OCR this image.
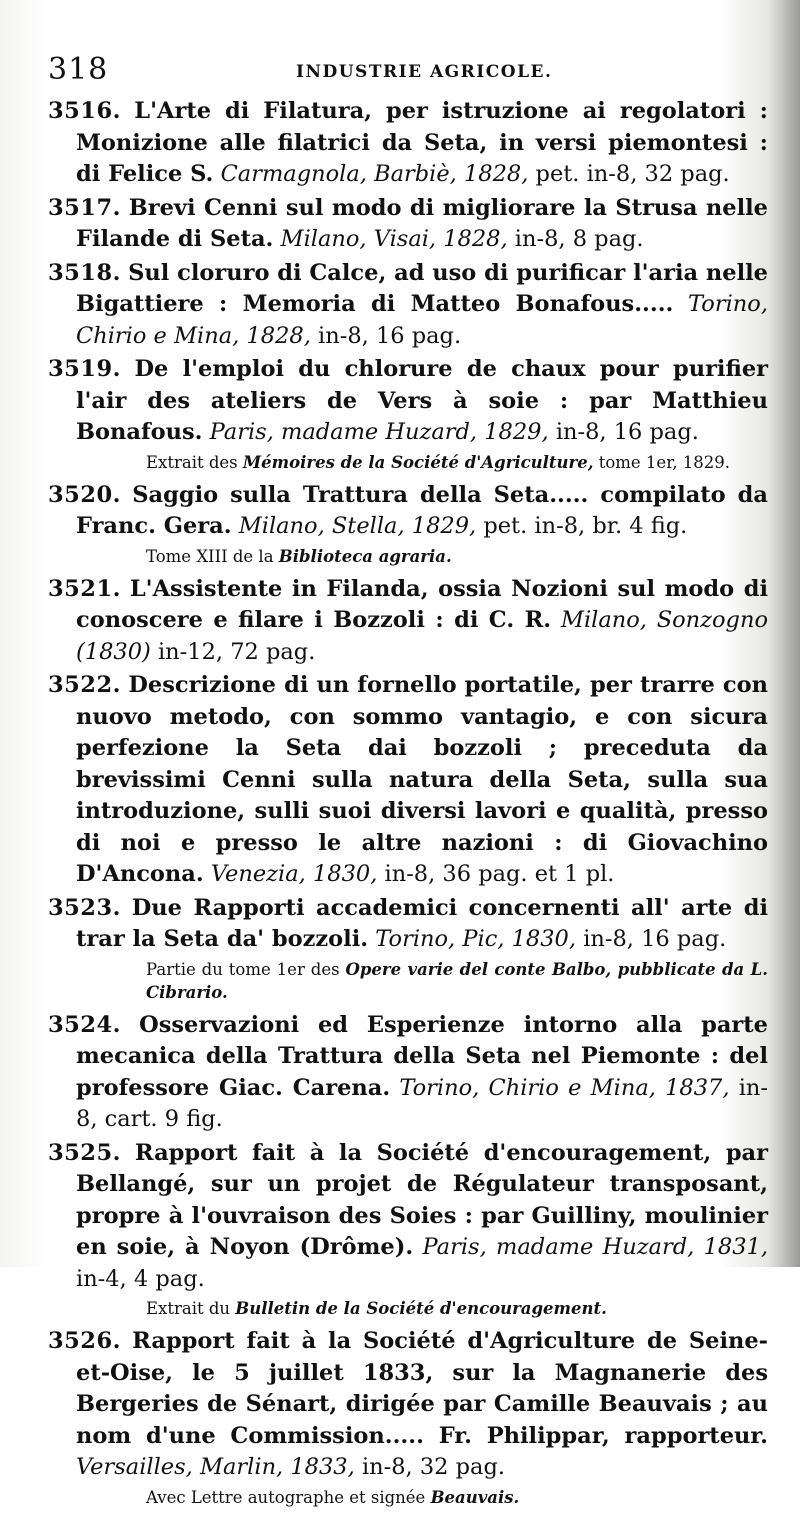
318	INDUSTRIE AGRICOLE.

3516. L'Arte di Filatura, per istruzione ai regolatori : Monizione alle filatrici da Seta, in versi piemontesi : di Felice S. Carmagnola, Barbiè, 1828, pet. in-8, 32 pag.

3517. Brevi Cenni sul modo di migliorare la Strusa nelle Filande di Seta. Milano, Visai, 1828, in-8, 8 pag.

3518. Sul cloruro di Calce, ad uso di purificar l'aria nelle Bigattiere : Memoria di Matteo Bonafous..... Torino, Chirio e Mina, 1828, in-8, 16 pag.

3519. De l'emploi du chlorure de chaux pour purifier l'air des ateliers de Vers à soie : par Matthieu Bonafous. Paris, madame Huzard, 1829, in-8, 16 pag.

Extrait des Mémoires de la Société d'Agriculture, tome 1er, 1829.

3520. Saggio sulla Trattura della Seta..... compilato da Franc. Gera. Milano, Stella, 1829, pet. in-8, br. 4 fig.

Tome XIII de la Biblioteca agraria.

3521. L'Assistente in Filanda, ossia Nozioni sul modo di conoscere e filare i Bozzoli : di C. R. Milano, Sonzogno (1830) in-12, 72 pag.

3522. Descrizione di un fornello portatile, per trarre con nuovo metodo, con sommo vantagio, e con sicura perfezione la Seta dai bozzoli ; preceduta da brevissimi Cenni sulla natura della Seta, sulla sua introduzione, sulli suoi diversi lavori e qualità, presso di noi e presso le altre nazioni : di Giovachino D'Ancona. Venezia, 1830, in-8, 36 pag. et 1 pl.

3523. Due Rapporti accademici concernenti all' arte di trar la Seta da' bozzoli. Torino, Pic, 1830, in-8, 16 pag.

Partie du tome 1er des Opere varie del conte Balbo, pubblicate da L. Cibrario.

3524. Osservazioni ed Esperienze intorno alla parte mecanica della Trattura della Seta nel Piemonte : del professore Giac. Carena. Torino, Chirio e Mina, 1837, in-8, cart. 9 fig.

3525. Rapport fait à la Société d'encouragement, par Bellangé, sur un projet de Régulateur transposant, propre à l'ouvraison des Soies : par Guilliny, moulinier en soie, à Noyon (Drôme). Paris, madame Huzard, 1831, in-4, 4 pag.

Extrait du Bulletin de la Société d'encouragement.

3526. Rapport fait à la Société d'Agriculture de Seine-et-Oise, le 5 juillet 1833, sur la Magnanerie des Bergeries de Sénart, dirigée par Camille Beauvais ; au nom d'une Commission..... Fr. Philippar, rapporteur. Versailles, Marlin, 1833, in-8, 32 pag.

Avec Lettre autographe et signée Beauvais.
